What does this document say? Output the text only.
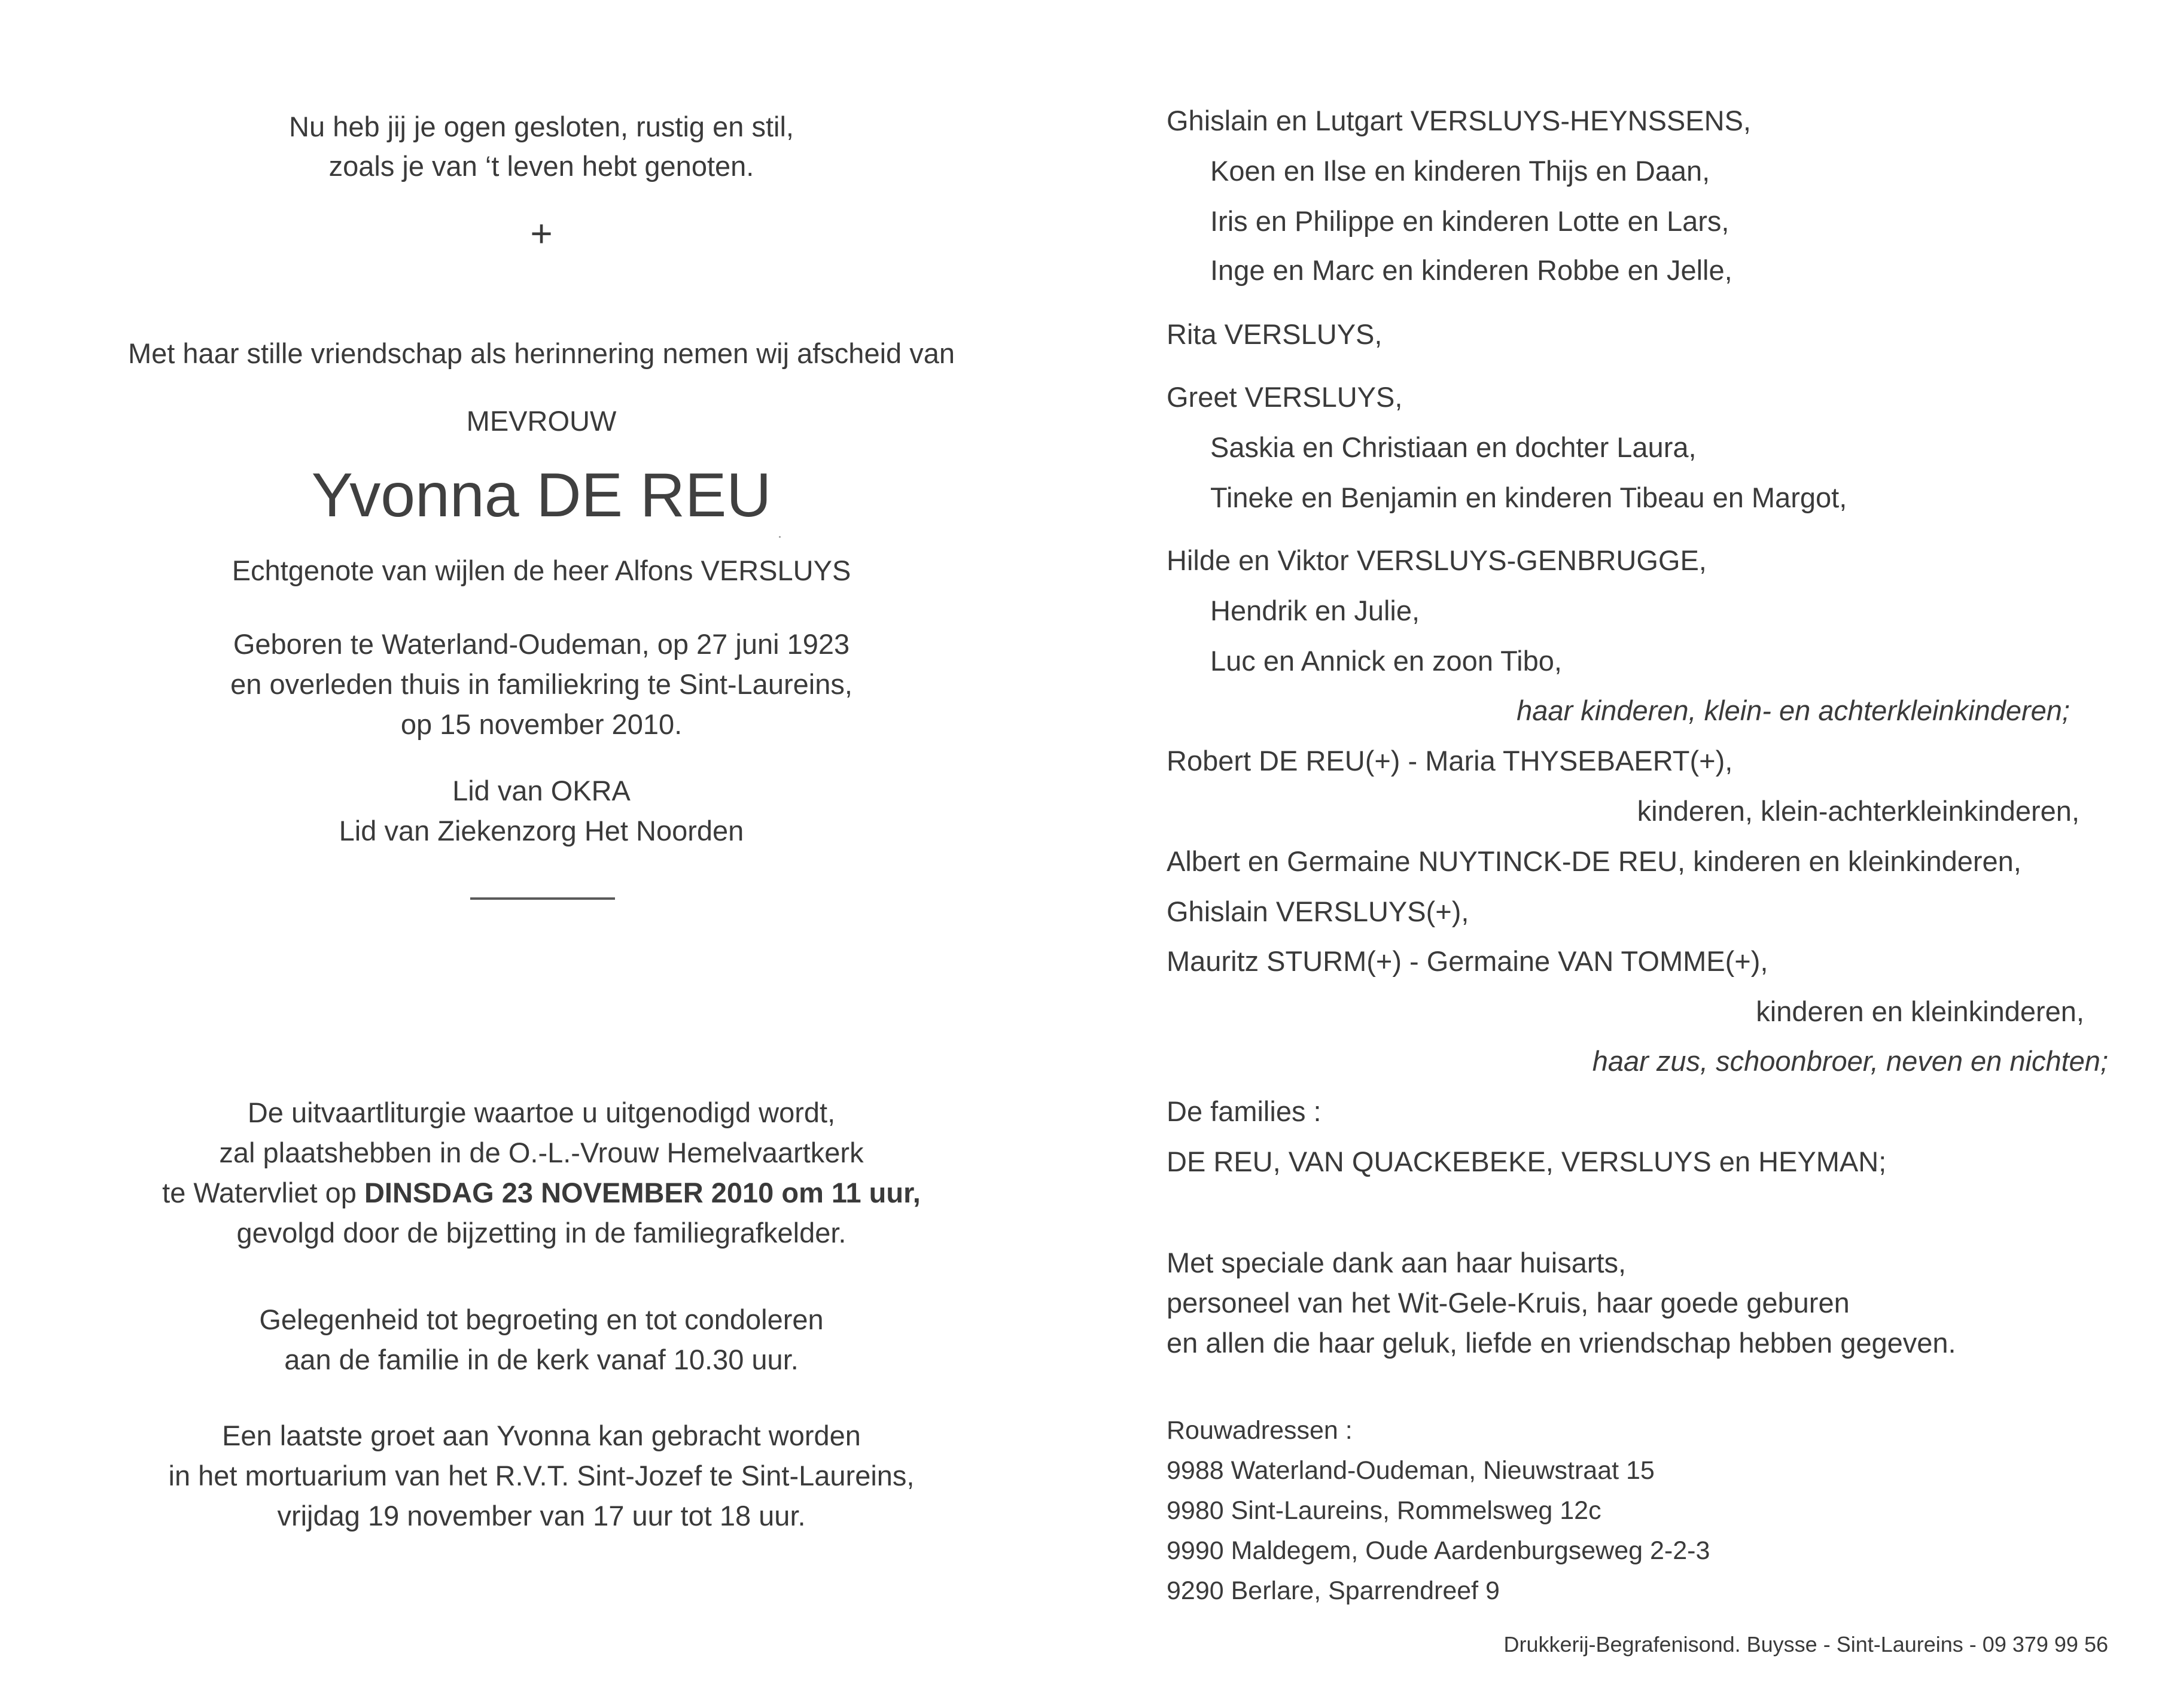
Nu heb jij je ogen gesloten, rustig en stil,

zoals je van ‘t leven hebt genoten.

+

Met haar stille vriendschap als herinnering nemen wij afscheid van

MEVROUW

Yvonna DE REU

Echtgenote van wijlen de heer Alfons VERSLUYS

Geboren te Waterland-Oudeman, op 27 juni 1923

en overleden thuis in familiekring te Sint-Laureins,

op 15 november 2010.

Lid van OKRA

Lid van Ziekenzorg Het Noorden

De uitvaartliturgie waartoe u uitgenodigd wordt,

zal plaatshebben in de O.-L.-Vrouw Hemelvaartkerk

te Watervliet op DINSDAG 23 NOVEMBER 2010 om 11 uur,

gevolgd door de bijzetting in de familiegrafkelder.

Gelegenheid tot begroeting en tot condoleren

aan de familie in de kerk vanaf 10.30 uur.

Een laatste groet aan Yvonna kan gebracht worden

in het mortuarium van het R.V.T. Sint-Jozef te Sint-Laureins,

vrijdag 19 november van 17 uur tot 18 uur.

Ghislain en Lutgart VERSLUYS-HEYNSSENS,

Koen en Ilse en kinderen Thijs en Daan,

Iris en Philippe en kinderen Lotte en Lars,

Inge en Marc en kinderen Robbe en Jelle,

Rita VERSLUYS,

Greet VERSLUYS,

Saskia en Christiaan en dochter Laura,

Tineke en Benjamin en kinderen Tibeau en Margot,

Hilde en Viktor VERSLUYS-GENBRUGGE,

Hendrik en Julie,

Luc en Annick en zoon Tibo,

haar kinderen, klein- en achterkleinkinderen;

Robert DE REU(+) - Maria THYSEBAERT(+),

kinderen, klein-achterkleinkinderen,

Albert en Germaine NUYTINCK-DE REU, kinderen en kleinkinderen,

Ghislain VERSLUYS(+),

Mauritz STURM(+) - Germaine VAN TOMME(+),

kinderen en kleinkinderen,

haar zus, schoonbroer, neven en nichten;

De families :

DE REU, VAN QUACKEBEKE, VERSLUYS en HEYMAN;

Met speciale dank aan haar huisarts,

personeel van het Wit-Gele-Kruis, haar goede geburen

en allen die haar geluk, liefde en vriendschap hebben gegeven.

Rouwadressen :

9988 Waterland-Oudeman, Nieuwstraat 15

9980 Sint-Laureins, Rommelsweg 12c

9990 Maldegem, Oude Aardenburgseweg 2-2-3

9290 Berlare, Sparrendreef 9

Drukkerij-Begrafenisond. Buysse - Sint-Laureins - 09 379 99 56
